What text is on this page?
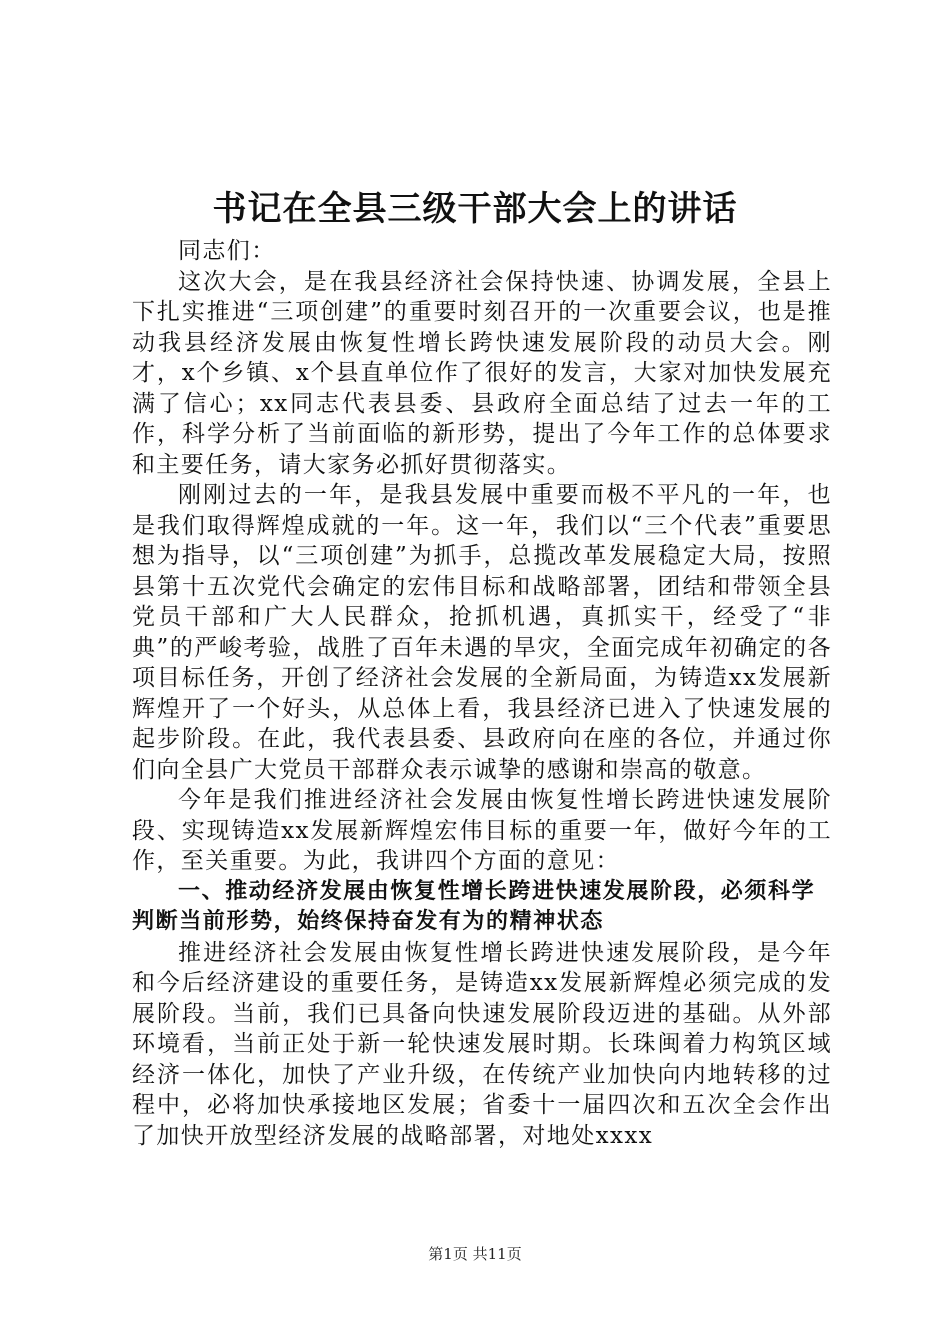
书记在全县三级干部大会上的讲话

同志们：

这次大会，是在我县经济社会保持快速、协调发展，全县上下扎实推进“三项创建”的重要时刻召开的一次重要会议，也是推动我县经济发展由恢复性增长跨快速发展阶段的动员大会。刚才，x个乡镇、x个县直单位作了很好的发言，大家对加快发展充满了信心；xx同志代表县委、县政府全面总结了过去一年的工作，科学分析了当前面临的新形势，提出了今年工作的总体要求和主要任务，请大家务必抓好贯彻落实。

刚刚过去的一年，是我县发展中重要而极不平凡的一年，也是我们取得辉煌成就的一年。这一年，我们以“三个代表”重要思想为指导，以“三项创建”为抓手，总揽改革发展稳定大局，按照县第十五次党代会确定的宏伟目标和战略部署，团结和带领全县党员干部和广大人民群众，抢抓机遇，真抓实干，经受了“非典”的严峻考验，战胜了百年未遇的旱灾，全面完成年初确定的各项目标任务，开创了经济社会发展的全新局面，为铸造xx发展新辉煌开了一个好头，从总体上看，我县经济已进入了快速发展的起步阶段。在此，我代表县委、县政府向在座的各位，并通过你们向全县广大党员干部群众表示诚挚的感谢和崇高的敬意。

今年是我们推进经济社会发展由恢复性增长跨进快速发展阶段、实现铸造xx发展新辉煌宏伟目标的重要一年，做好今年的工作，至关重要。为此，我讲四个方面的意见：

一、推动经济发展由恢复性增长跨进快速发展阶段，必须科学判断当前形势，始终保持奋发有为的精神状态

推进经济社会发展由恢复性增长跨进快速发展阶段，是今年和今后经济建设的重要任务，是铸造xx发展新辉煌必须完成的发展阶段。当前，我们已具备向快速发展阶段迈进的基础。从外部环境看，当前正处于新一轮快速发展时期。长珠闽着力构筑区域经济一体化，加快了产业升级，在传统产业加快向内地转移的过程中，必将加快承接地区发展；省委十一届四次和五次全会作出了加快开放型经济发展的战略部署，对地处xxxx

第1页 共11页
